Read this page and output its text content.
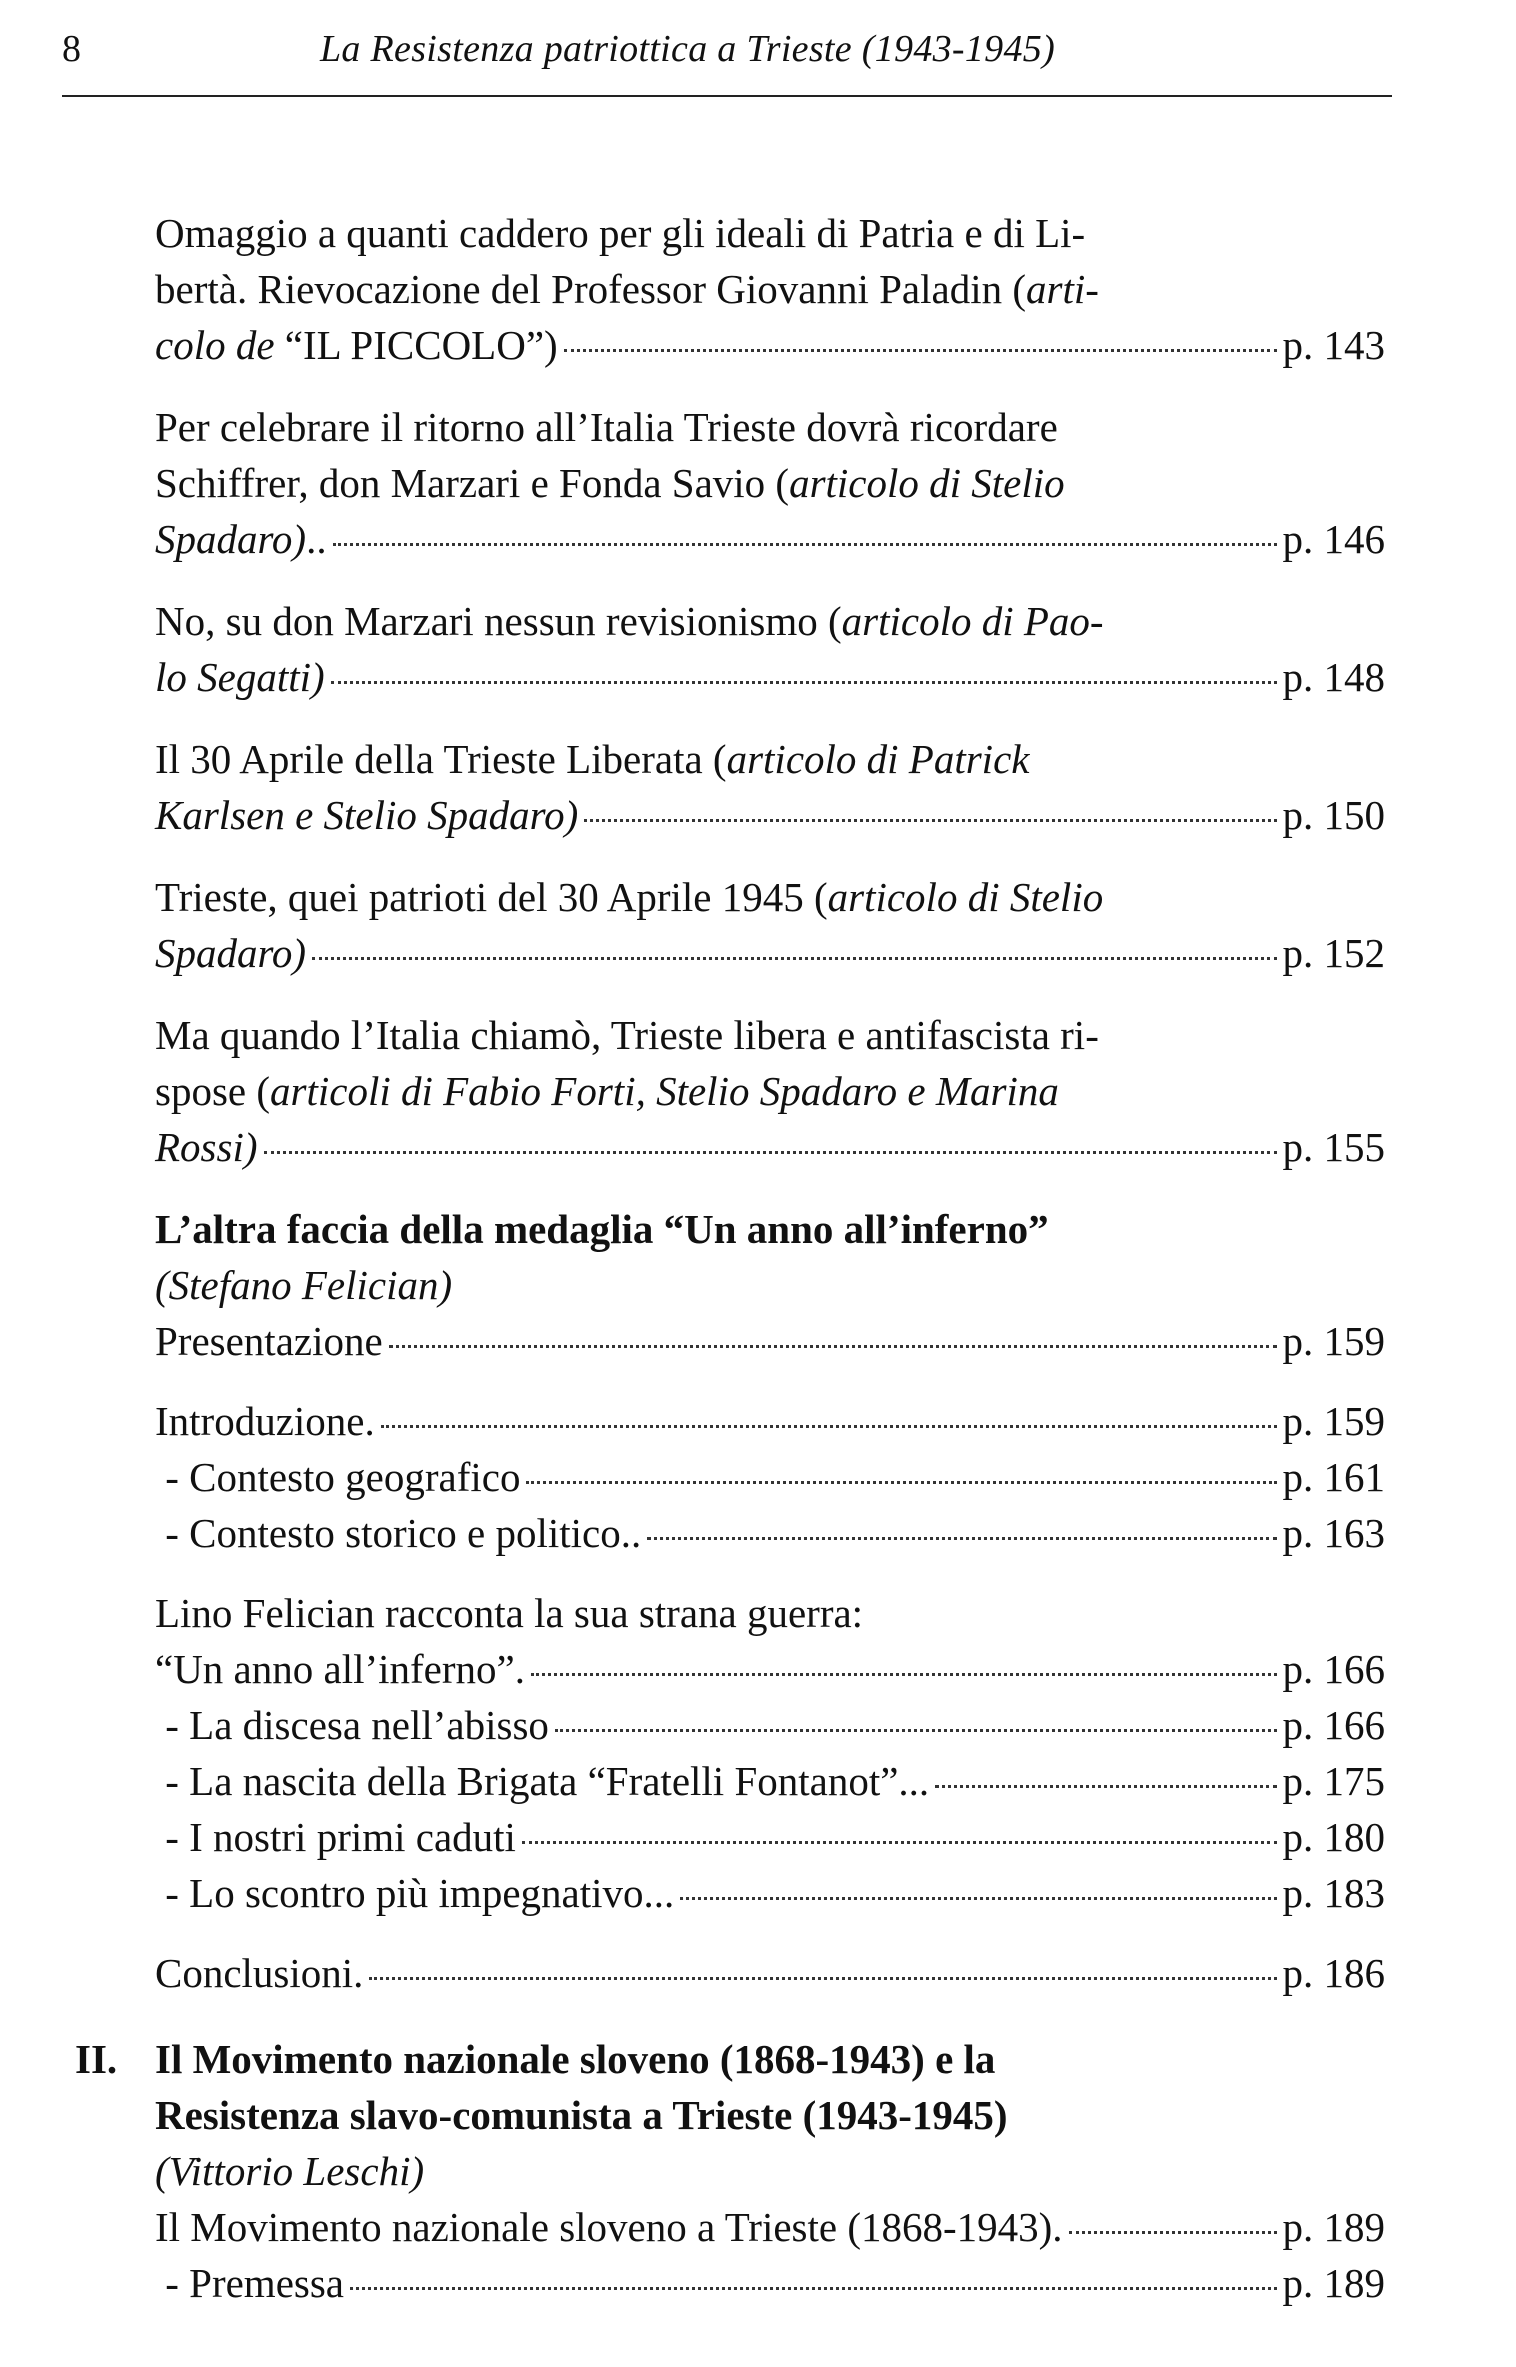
8	La Resistenza patriottica a Trieste (1943-1945)
Omaggio a quanti caddero per gli ideali di Patria e di Li-
bertà. Rievocazione del Professor Giovanni Paladin (arti-
colo de “IL PICCOLO”)	p. 143
Per celebrare il ritorno all’Italia Trieste dovrà ricordare
Schiffrer, don Marzari e Fonda Savio (articolo di Stelio
Spadaro)..	p. 146
No, su don Marzari nessun revisionismo (articolo di Pao-
lo Segatti)	p. 148
Il 30 Aprile della Trieste Liberata (articolo di Patrick
Karlsen e Stelio Spadaro)	p. 150
Trieste, quei patrioti del 30 Aprile 1945 (articolo di Stelio
Spadaro)	p. 152
Ma quando l’Italia chiamò, Trieste libera e antifascista ri-
spose (articoli di Fabio Forti, Stelio Spadaro e Marina
Rossi)	p. 155
L’altra faccia della medaglia “Un anno all’inferno”
(Stefano Felician)
Presentazione	p. 159
Introduzione.	p. 159
- Contesto geografico	p. 161
- Contesto storico e politico..	p. 163
Lino Felician racconta la sua strana guerra:
“Un anno all’inferno”.	p. 166
- La discesa nell’abisso	p. 166
- La nascita della Brigata “Fratelli Fontanot”...	p. 175
- I nostri primi caduti	p. 180
- Lo scontro più impegnativo...	p. 183
Conclusioni.	p. 186
II. Il Movimento nazionale sloveno (1868-1943) e la
Resistenza slavo-comunista a Trieste (1943-1945)
(Vittorio Leschi)
Il Movimento nazionale sloveno a Trieste (1868-1943).	p. 189
- Premessa	p. 189
